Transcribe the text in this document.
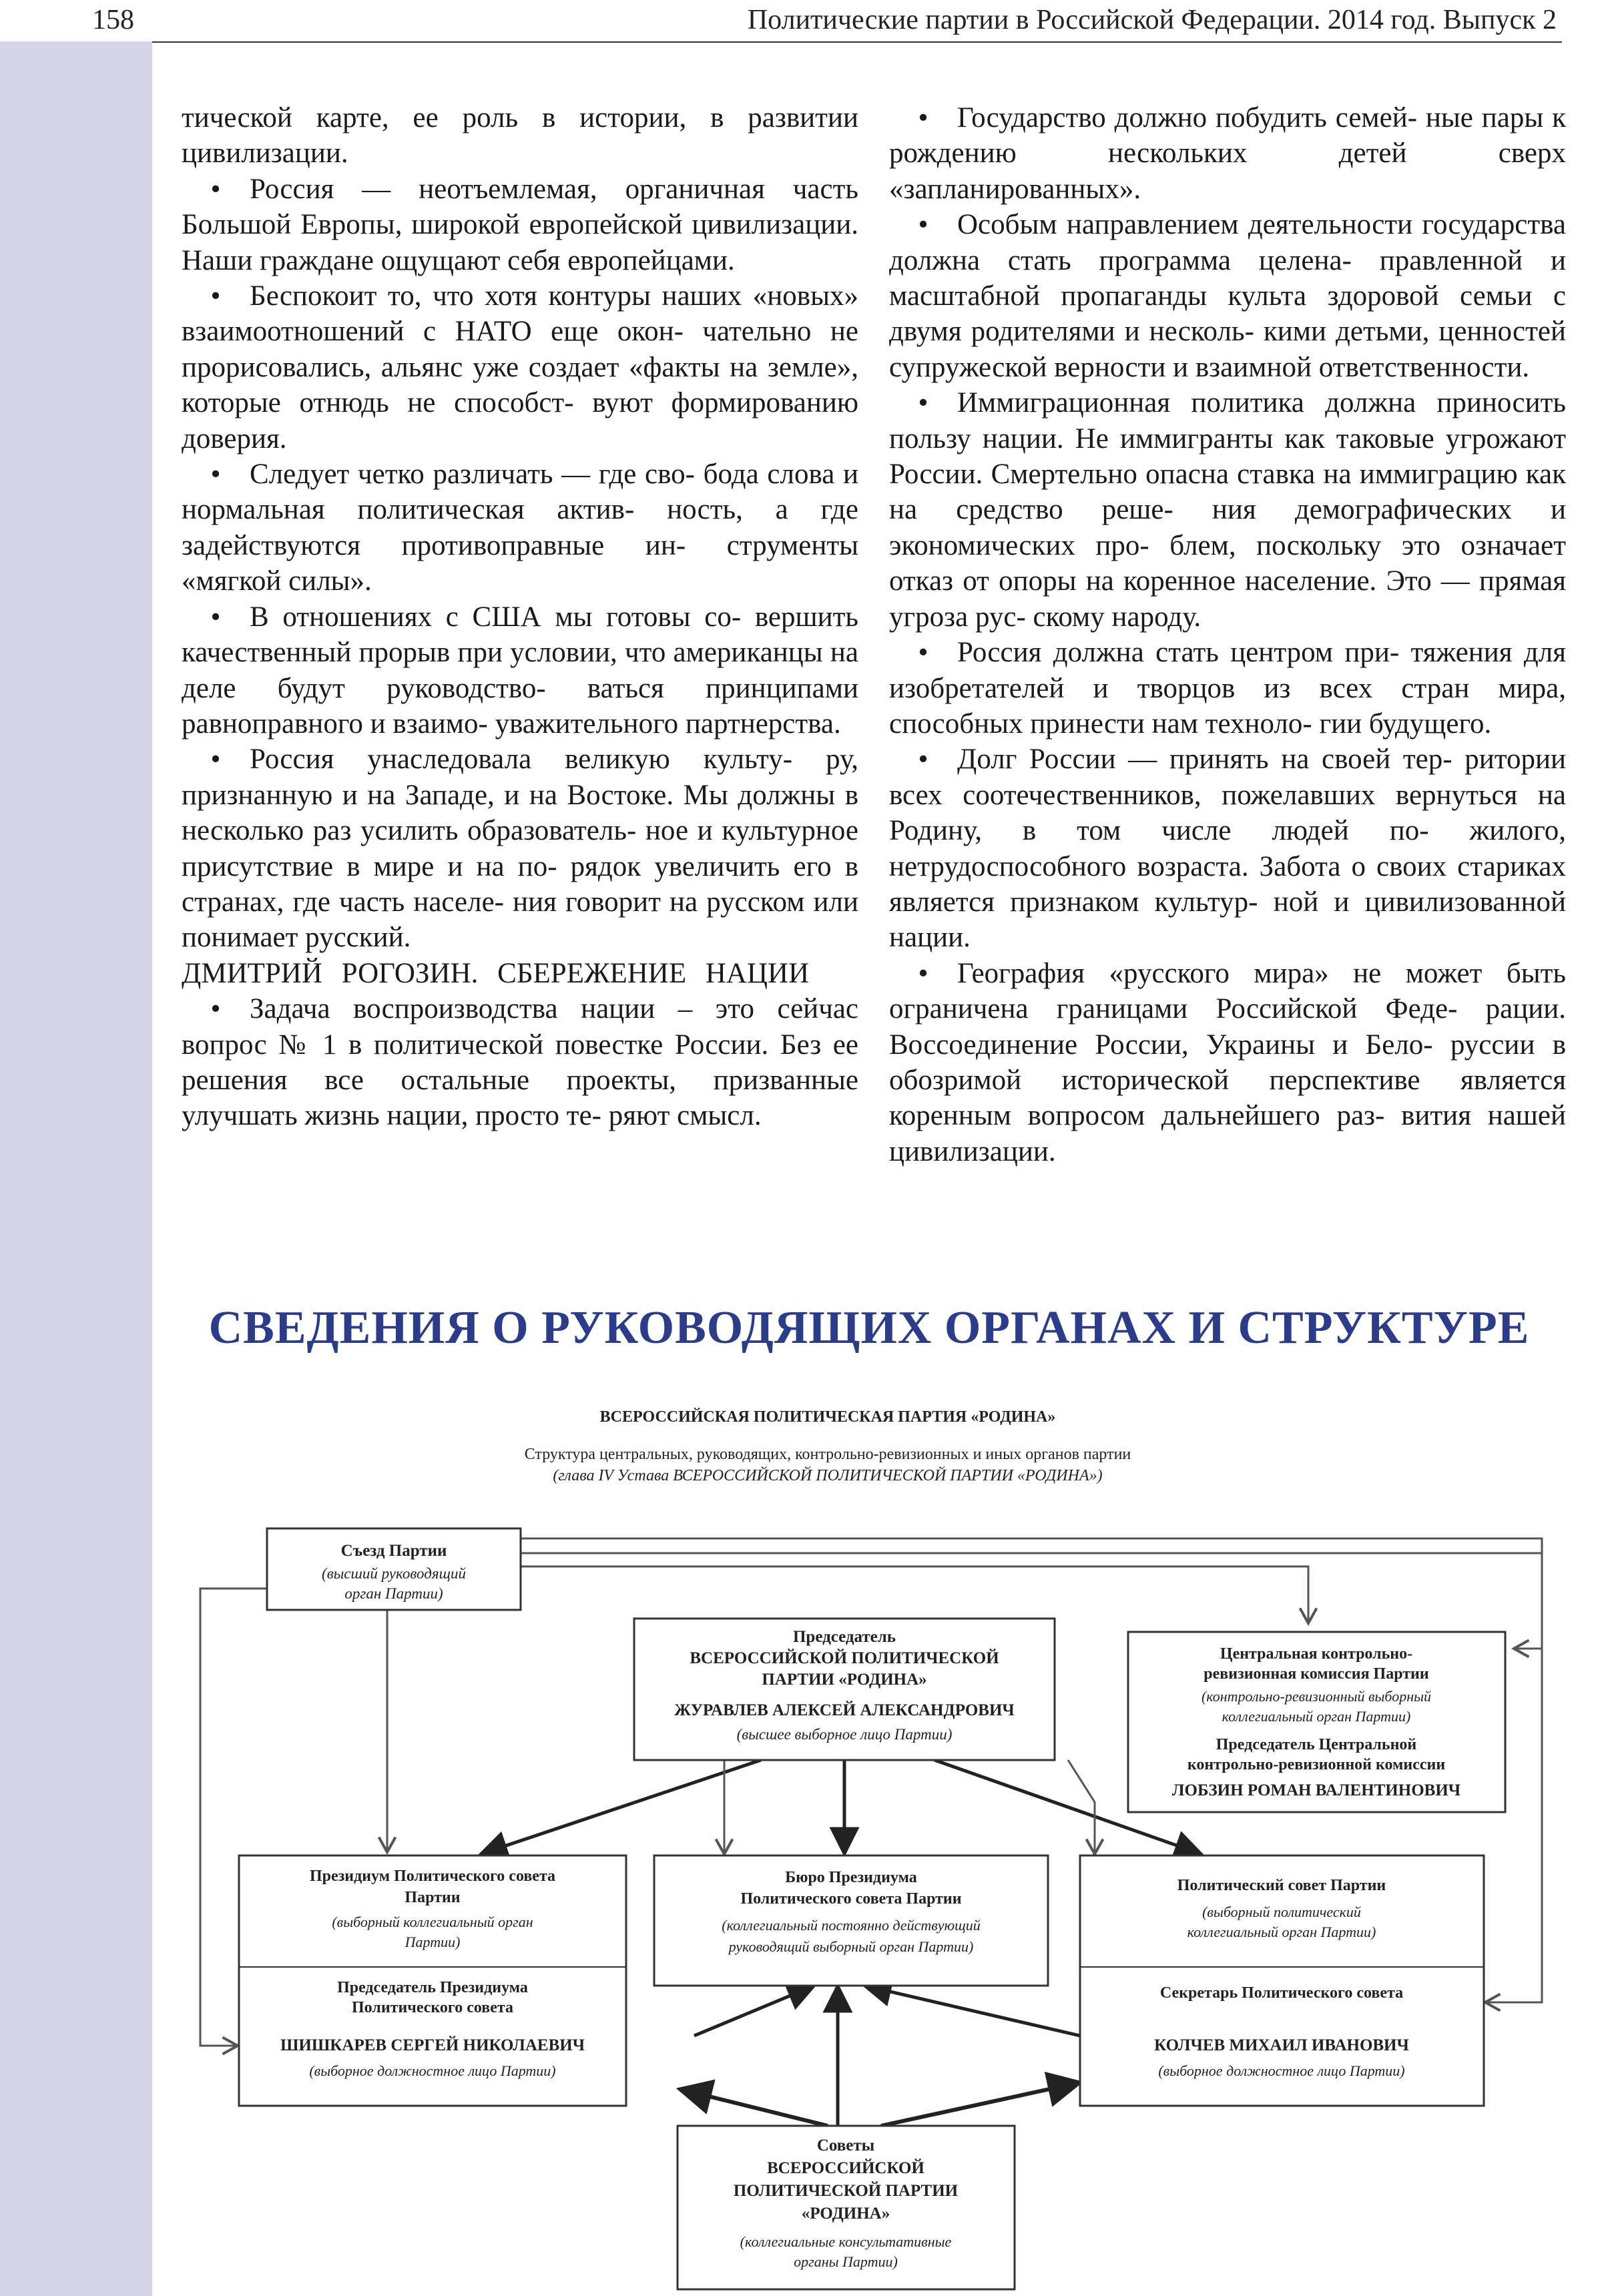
158	Политические партии в Российской Федерации. 2014 год. Выпуск 2

тической карте, ее роль в истории, в развитии цивилизации.

• Россия — неотъемлемая, органичная часть Большой Европы, широкой европейской цивилизации. Наши граждане ощущают себя европейцами.

• Беспокоит то, что хотя контуры наших «новых» взаимоотношений с НАТО еще окон- чательно не прорисовались, альянс уже создает «факты на земле», которые отнюдь не способст- вуют формированию доверия.

• Следует четко различать — где сво- бода слова и нормальная политическая актив- ность, а где задействуются противоправные ин- струменты «мягкой силы».

• В отношениях с США мы готовы со- вершить качественный прорыв при условии, что американцы на деле будут руководство- ваться принципами равноправного и взаимо- уважительного партнерства.

• Россия унаследовала великую культу- ру, признанную и на Западе, и на Востоке. Мы должны в несколько раз усилить образователь- ное и культурное присутствие в мире и на по- рядок увеличить его в странах, где часть населе- ния говорит на русском или понимает русский.

ДМИТРИЙ РОГОЗИН. СБЕРЕЖЕНИЕ НАЦИИ

• Задача воспроизводства нации – это сейчас вопрос № 1 в политической повестке России. Без ее решения все остальные проекты, призванные улучшать жизнь нации, просто те- ряют смысл.

• Государство должно побудить семей- ные пары к рождению нескольких детей сверх «запланированных».

• Особым направлением деятельности государства должна стать программа целена- правленной и масштабной пропаганды культа здоровой семьи с двумя родителями и несколь- кими детьми, ценностей супружеской верности и взаимной ответственности.

• Иммиграционная политика должна приносить пользу нации. Не иммигранты как таковые угрожают России. Смертельно опасна ставка на иммиграцию как на средство реше- ния демографических и экономических про- блем, поскольку это означает отказ от опоры на коренное население. Это — прямая угроза рус- скому народу.

• Россия должна стать центром при- тяжения для изобретателей и творцов из всех стран мира, способных принести нам техноло- гии будущего.

• Долг России — принять на своей тер- ритории всех соотечественников, пожелавших вернуться на Родину, в том числе людей по- жилого, нетрудоспособного возраста. Забота о своих стариках является признаком культур- ной и цивилизованной нации.

• География «русского мира» не может быть ограничена границами Российской Феде- рации. Воссоединение России, Украины и Бело- руссии в обозримой исторической перспективе является коренным вопросом дальнейшего раз- вития нашей цивилизации.

СВЕДЕНИЯ О РУКОВОДЯЩИХ ОРГАНАХ И СТРУКТУРЕ
ВСЕРОССИЙСКАЯ ПОЛИТИЧЕСКАЯ ПАРТИЯ «РОДИНА»
Структура центральных, руководящих, контрольно-ревизионных и иных органов партии
(глава IV Устава ВСЕРОССИЙСКОЙ ПОЛИТИЧЕСКОЙ ПАРТИИ «РОДИНА»)
Съезд Партии
(высший руководящий
орган Партии)
Председатель
ВСЕРОССИЙСКОЙ ПОЛИТИЧЕСКОЙ
ПАРТИИ «РОДИНА»
ЖУРАВЛЕВ АЛЕКСЕЙ АЛЕКСАНДРОВИЧ
(высшее выборное лицо Партии)
Центральная контрольно-
ревизионная комиссия Партии
(контрольно-ревизионный выборный
коллегиальный орган Партии)
Председатель Центральной
контрольно-ревизионной комиссии
ЛОБЗИН РОМАН ВАЛЕНТИНОВИЧ
Президиум Политического совета
Партии
(выборный коллегиальный орган
Партии)
Председатель Президиума
Политического совета
ШИШКАРЕВ СЕРГЕЙ НИКОЛАЕВИЧ
(выборное должностное лицо Партии)
Бюро Президиума
Политического совета Партии
(коллегиальный постоянно действующий
руководящий выборный орган Партии)
Политический совет Партии
(выборный политический
коллегиальный орган Партии)
Секретарь Политического совета
КОЛЧЕВ МИХАИЛ ИВАНОВИЧ
(выборное должностное лицо Партии)
Советы
ВСЕРОССИЙСКОЙ
ПОЛИТИЧЕСКОЙ ПАРТИИ
«РОДИНА»
(коллегиальные консультативные
органы Партии)
